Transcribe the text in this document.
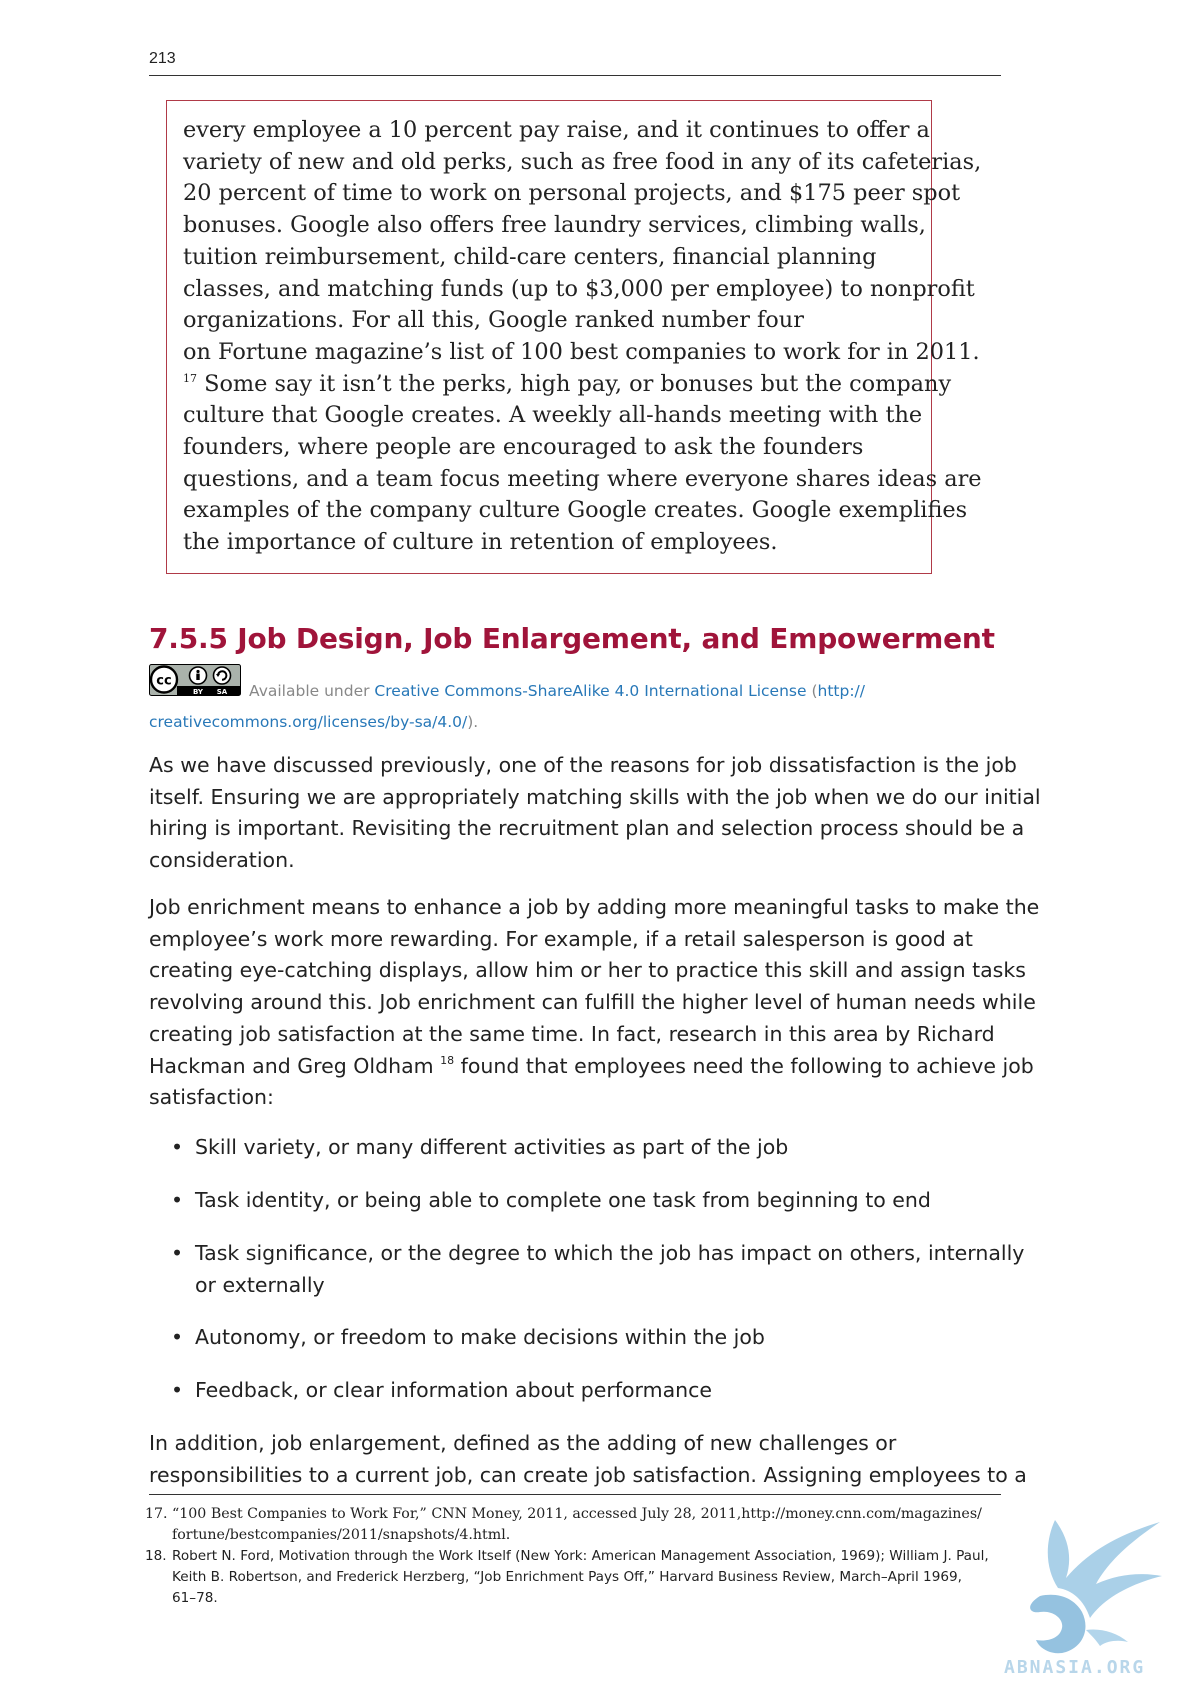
213
every employee a 10 percent pay raise, and it continues to offer a
variety of new and old perks, such as free food in any of its cafeterias,
20 percent of time to work on personal projects, and $175 peer spot
bonuses. Google also offers free laundry services, climbing walls,
tuition reimbursement, child-care centers, financial planning
classes, and matching funds (up to $3,000 per employee) to nonprofit
organizations. For all this, Google ranked number four
on Fortune magazine’s list of 100 best companies to work for in 2011.
$^{17}$ Some say it isn’t the perks, high pay, or bonuses but the company
culture that Google creates. A weekly all-hands meeting with the
founders, where people are encouraged to ask the founders
questions, and a team focus meeting where everyone shares ideas are
examples of the company culture Google creates. Google exemplifies
the importance of culture in retention of employees.
7.5.5 Job Design, Job Enlargement, and Empowerment
cc
BY SA	Available under Creative Commons-ShareAlike 4.0 International License (http://
creativecommons.org/licenses/by-sa/4.0/).
As we have discussed previously, one of the reasons for job dissatisfaction is the job
itself. Ensuring we are appropriately matching skills with the job when we do our initial
hiring is important. Revisiting the recruitment plan and selection process should be a
consideration.
Job enrichment means to enhance a job by adding more meaningful tasks to make the
employee’s work more rewarding. For example, if a retail salesperson is good at
creating eye-catching displays, allow him or her to practice this skill and assign tasks
revolving around this. Job enrichment can fulfill the higher level of human needs while
creating job satisfaction at the same time. In fact, research in this area by Richard
Hackman and Greg Oldham $^{18}$ found that employees need the following to achieve job
satisfaction:
• Skill variety, or many different activities as part of the job
• Task identity, or being able to complete one task from beginning to end
• Task significance, or the degree to which the job has impact on others, internally
or externally
• Autonomy, or freedom to make decisions within the job
• Feedback, or clear information about performance
In addition, job enlargement, defined as the adding of new challenges or
responsibilities to a current job, can create job satisfaction. Assigning employees to a
17. “100 Best Companies to Work For,” CNN Money, 2011, accessed July 28, 2011,http://money.cnn.com/magazines/
fortune/bestcompanies/2011/snapshots/4.html.
18. Robert N. Ford, Motivation through the Work Itself (New York: American Management Association, 1969); William J. Paul,
Keith B. Robertson, and Frederick Herzberg, “Job Enrichment Pays Off,” Harvard Business Review, March–April 1969,
61–78.
ABNASIA.ORG
